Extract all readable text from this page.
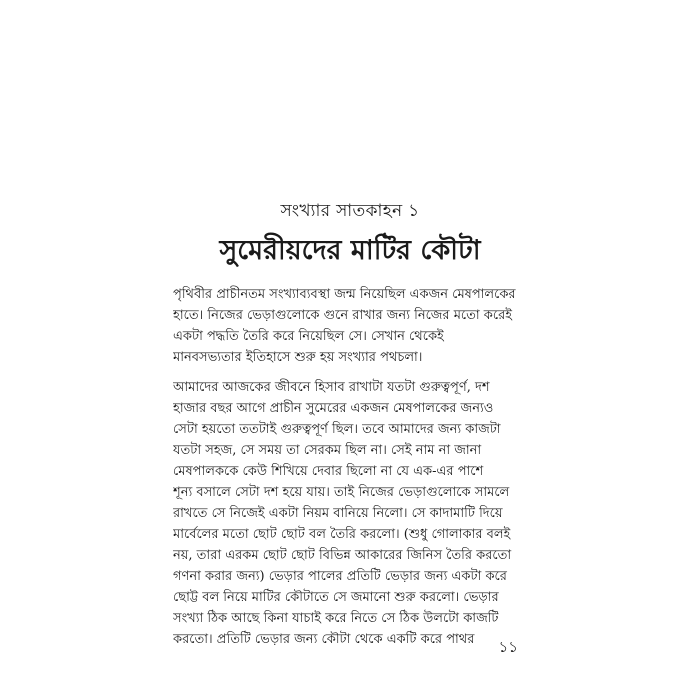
সংখ্যার সাতকাহন ১
সুমেরীয়দের মাটির কৌটা
পৃথিবীর প্রাচীনতম সংখ্যাব্যবস্থা জন্ম নিয়েছিল একজন মেষপালকের
হাতে। নিজের ভেড়াগুলোকে গুনে রাখার জন্য নিজের মতো করেই
একটা পদ্ধতি তৈরি করে নিয়েছিল সে। সেখান থেকেই
মানবসভ্যতার ইতিহাসে শুরু হয় সংখ্যার পথচলা।
আমাদের আজকের জীবনে হিসাব রাখাটা যতটা গুরুত্বপূর্ণ, দশ
হাজার বছর আগে প্রাচীন সুমেরের একজন মেষপালকের জন্যও
সেটা হয়তো ততটাই গুরুত্বপূর্ণ ছিল। তবে আমাদের জন্য কাজটা
যতটা সহজ, সে সময় তা সেরকম ছিল না। সেই নাম না জানা
মেষপালককে কেউ শিখিয়ে দেবার ছিলো না যে এক-এর পাশে
শূন্য বসালে সেটা দশ হয়ে যায়। তাই নিজের ভেড়াগুলোকে সামলে
রাখতে সে নিজেই একটা নিয়ম বানিয়ে নিলো। সে কাদামাটি দিয়ে
মার্বেলের মতো ছোট ছোট বল তৈরি করলো। (শুধু গোলাকার বলই
নয়, তারা এরকম ছোট ছোট বিভিন্ন আকারের জিনিস তৈরি করতো
গণনা করার জন্য) ভেড়ার পালের প্রতিটি ভেড়ার জন্য একটা করে
ছোট্ট বল নিয়ে মাটির কৌটাতে সে জমানো শুরু করলো। ভেড়ার
সংখ্যা ঠিক আছে কিনা যাচাই করে নিতে সে ঠিক উলটো কাজটি
করতো। প্রতিটি ভেড়ার জন্য কৌটা থেকে একটি করে পাথর	১১
